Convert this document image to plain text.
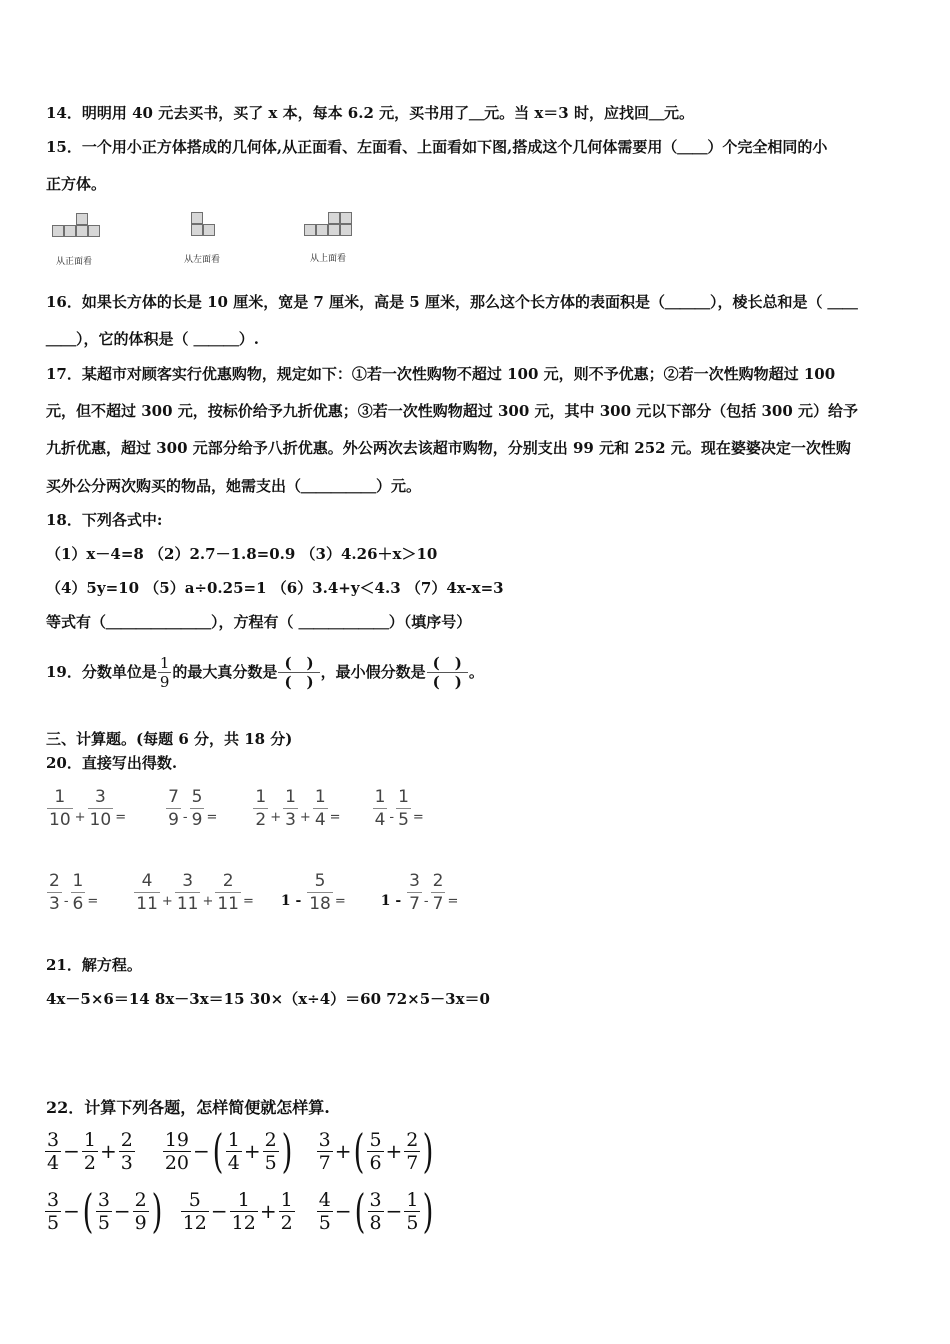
14．明明用 40 元去买书，买了 x 本，每本 6.2 元，买书用了＿元。当 x＝3 时，应找回＿元。
15．一个用小正方体搭成的几何体,从正面看、左面看、上面看如下图,搭成这个几何体需要用（＿＿）个完全相同的小
正方体。
从正面看	从左面看	从上面看
16．如果长方体的长是 10 厘米，宽是 7 厘米，高是 5 厘米，那么这个长方体的表面积是（＿＿＿），棱长总和是（ ＿＿
＿＿），它的体积是（ ＿＿＿）.
17．某超市对顾客实行优惠购物，规定如下：①若一次性购物不超过 100 元，则不予优惠；②若一次性购物超过 100
元，但不超过 300 元，按标价给予九折优惠；③若一次性购物超过 300 元，其中 300 元以下部分（包括 300 元）给予
九折优惠，超过 300 元部分给予八折优惠。外公两次去该超市购物，分别支出 99 元和 252 元。现在婆婆决定一次性购
买外公分两次购买的物品，她需支出（＿＿＿＿＿）元。
18．下列各式中:
（1）x－4=8 （2）2.7－1.8=0.9 （3）4.26＋x＞10
（4）5y=10 （5）a÷0.25=1 （6）3.4+y＜4.3 （7）4x-x=3
等式有（＿＿＿＿＿＿＿），方程有（ ＿＿＿＿＿＿）（填序号）
19．分数单位是
1
9
的最大真分数是
(　)
(　)
，最小假分数是
(　)
(　)
。
三、计算题。(每题 6 分，共 18 分)
20．直接写出得数.
$\frac{1}{10} _+ \frac{3}{10} _= \frac{7}{9} _- \frac{5}{9} _= \frac{1}{2} _+ \frac{1}{3} _+ \frac{1}{4} _= \frac{1}{4} _- \frac{1}{5} _=$
$\frac{2}{3} _- \frac{1}{6} _= \frac{4}{11} _+ \frac{3}{11} _+ \frac{2}{11} _=$ $1 - \frac{5}{18} _=$	$1 - \frac{3}{7} _- \frac{2}{7} _=$
21．解方程。
4x－5×6＝14 8x－3x＝15 30×（x÷4）＝60 72×5－3x＝0
22．计算下列各题，怎样简便就怎样算.
3
$4 - \frac{1}{2} + \frac{2}{3} 19$
20 − ( 1
$4 + \frac{2}{5}$ ) 3
7 + ( 5
$6 + \frac{2}{7}$ )
3
5 − ( 3
$5 - \frac{2}{9}$ ) 5
$12 - \frac{1}{12} + \frac{1}{2} 4$
5 − ( 3
$8 - \frac{1}{5}$ )
